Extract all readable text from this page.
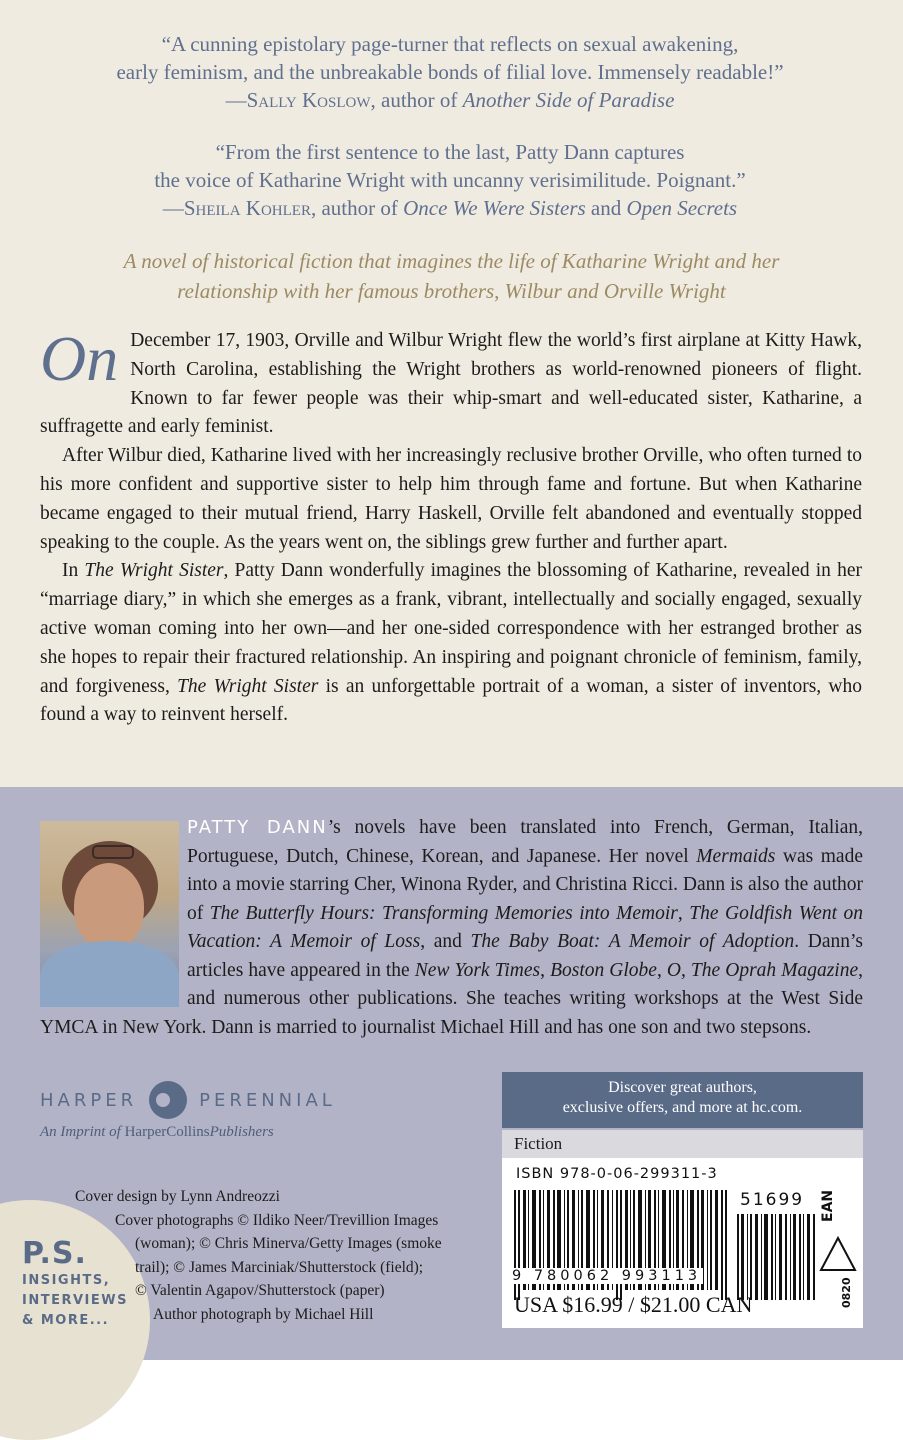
“A cunning epistolary page-turner that reflects on sexual awakening,
early feminism, and the unbreakable bonds of filial love. Immensely readable!”
—Sally Koslow, author of Another Side of Paradise
“From the first sentence to the last, Patty Dann captures
the voice of Katharine Wright with uncanny verisimilitude. Poignant.”
—Sheila Kohler, author of Once We Were Sisters and Open Secrets
A novel of historical fiction that imagines the life of Katharine Wright and her
relationship with her famous brothers, Wilbur and Orville Wright

On December 17, 1903, Orville and Wilbur Wright flew the world’s first airplane at Kitty Hawk, North Carolina, establishing the Wright brothers as world-renowned pioneers of flight. Known to far fewer people was their whip-smart and well-educated sister, Katharine, a suffragette and early feminist.

After Wilbur died, Katharine lived with her increasingly reclusive brother Orville, who often turned to his more confident and supportive sister to help him through fame and fortune. But when Katharine became engaged to their mutual friend, Harry Haskell, Orville felt abandoned and eventually stopped speaking to the couple. As the years went on, the siblings grew further and further apart.

In The Wright Sister, Patty Dann wonderfully imagines the blossoming of Katharine, revealed in her “marriage diary,” in which she emerges as a frank, vibrant, intellectually and socially engaged, sexually active woman coming into her own—and her one-sided correspondence with her estranged brother as she hopes to repair their fractured relationship. An inspiring and poignant chronicle of feminism, family, and forgiveness, The Wright Sister is an unforgettable portrait of a woman, a sister of inventors, who found a way to reinvent herself.

PATTY DANN’s novels have been translated into French, German, Italian, Portuguese, Dutch, Chinese, Korean, and Japanese. Her novel Mermaids was made into a movie starring Cher, Winona Ryder, and Christina Ricci. Dann is also the author of The Butterfly Hours: Transforming Memories into Memoir, The Goldfish Went on Vacation: A Memoir of Loss, and The Baby Boat: A Memoir of Adoption. Dann’s articles have appeared in the New York Times, Boston Globe, O, The Oprah Magazine, and numerous other publications. She teaches writing workshops at the West Side YMCA in New York. Dann is married to journalist Michael Hill and has one son and two stepsons.
HARPER	PERENNIAL
An Imprint of HarperCollinsPublishers
P.S.
INSIGHTS,
INTERVIEWS
& MORE...
Cover design by Lynn Andreozzi
Cover photographs © Ildiko Neer/Trevillion Images
(woman); © Chris Minerva/Getty Images (smoke
trail); © James Marciniak/Shutterstock (field);
© Valentin Agapov/Shutterstock (paper)
Author photograph by Michael Hill
Discover great authors,
exclusive offers, and more at hc.com.
Fiction
ISBN 978-0-06-299311-3
51699
9 780062 993113
EAN
USA $16.99 / $21.00 CAN	0820
